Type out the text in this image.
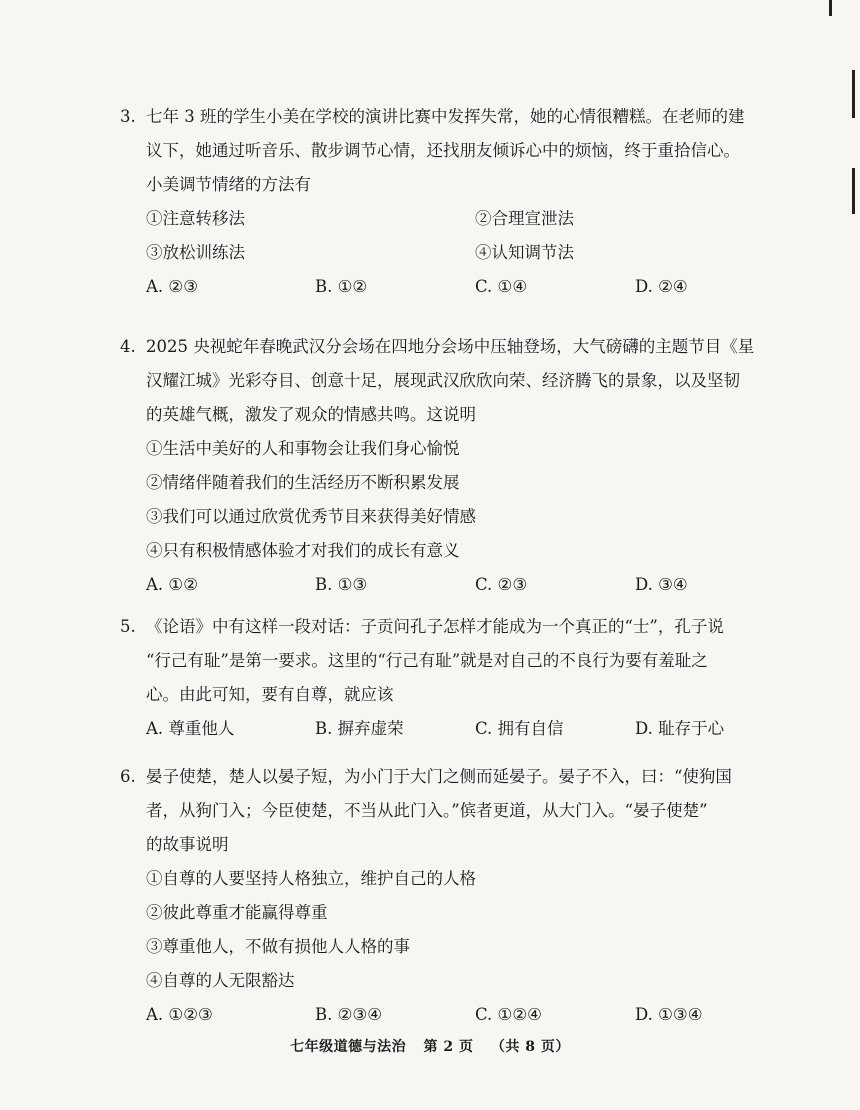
3. 七年 3 班的学生小美在学校的演讲比赛中发挥失常，她的心情很糟糕。在老师的建
议下，她通过听音乐、散步调节心情，还找朋友倾诉心中的烦恼，终于重拾信心。
小美调节情绪的方法有
①注意转移法	②合理宣泄法
③放松训练法	④认知调节法
A. ②③	B. ①②	C. ①④	D. ②④
4. 2025 央视蛇年春晚武汉分会场在四地分会场中压轴登场，大气磅礴的主题节目《星
汉耀江城》光彩夺目、创意十足，展现武汉欣欣向荣、经济腾飞的景象，以及坚韧
的英雄气概，激发了观众的情感共鸣。这说明
①生活中美好的人和事物会让我们身心愉悦
②情绪伴随着我们的生活经历不断积累发展
③我们可以通过欣赏优秀节目来获得美好情感
④只有积极情感体验才对我们的成长有意义
A. ①②	B. ①③	C. ②③	D. ③④
5. 《论语》中有这样一段对话：子贡问孔子怎样才能成为一个真正的“士”，孔子说
“行己有耻”是第一要求。这里的“行己有耻”就是对自己的不良行为要有羞耻之
心。由此可知，要有自尊，就应该
A. 尊重他人	B. 摒弃虚荣	C. 拥有自信	D. 耻存于心
6. 晏子使楚，楚人以晏子短，为小门于大门之侧而延晏子。晏子不入，曰：“使狗国
者，从狗门入；今臣使楚，不当从此门入。”傧者更道，从大门入。“晏子使楚”
的故事说明
①自尊的人要坚持人格独立，维护自己的人格
②彼此尊重才能赢得尊重
③尊重他人，不做有损他人人格的事
④自尊的人无限豁达
A. ①②③	B. ②③④	C. ①②④	D. ①③④
七年级道德与法治 第 2 页 （共 8 页）
